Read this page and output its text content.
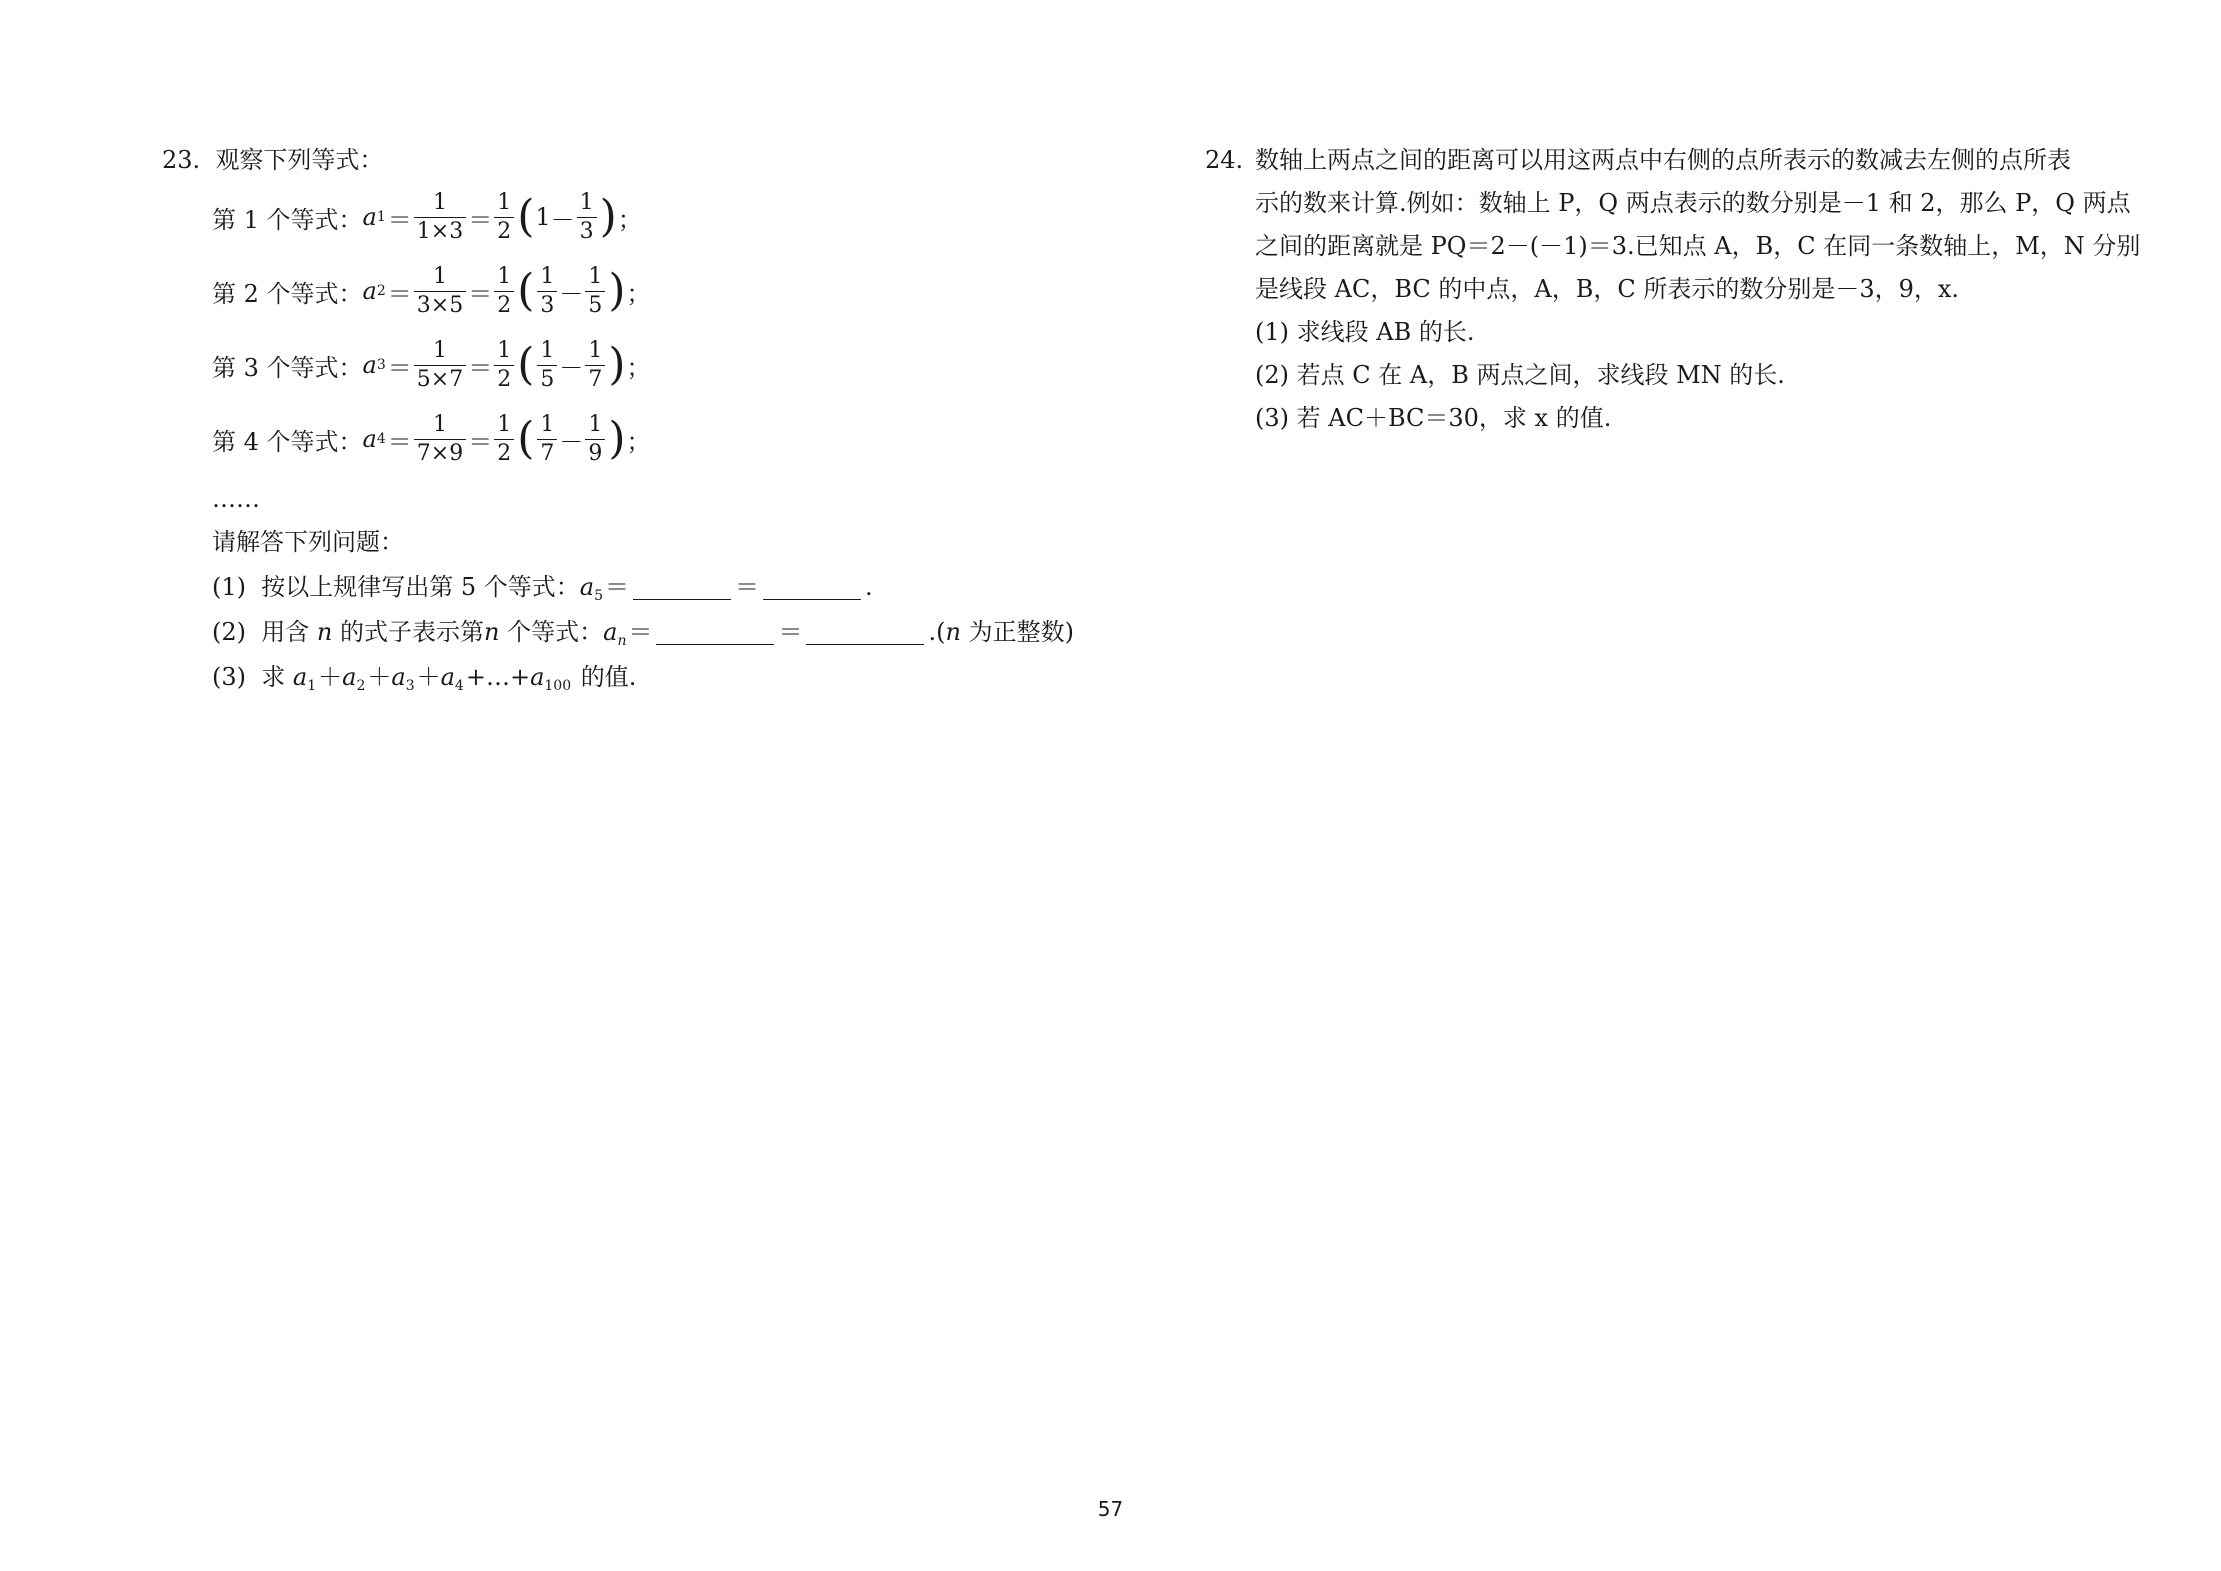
23. 观察下列等式：
第 1 个等式： a $1 = \frac{1}{1\times 3} = \frac{1}{2}$ ( $1 - \frac{1}{3}$ ) ；
第 2 个等式： a $2 = \frac{1}{3\times 5} = \frac{1}{2}$ ( $\frac{1}{3} - \frac{1}{5}$ ) ；
第 3 个等式： a $3 = \frac{1}{5\times 7} = \frac{1}{2}$ ( $\frac{1}{5} - \frac{1}{7}$ ) ；
第 4 个等式： a $4 = \frac{1}{7\times 9} = \frac{1}{2}$ ( $\frac{1}{7} - \frac{1}{9}$ ) ；
……
请解答下列问题：
(1) 按以上规律写出第 5 个等式：$a_5=$	＝	.
(2) 用含 n 的式子表示第n 个等式：$a_n=$	＝	.(n 为正整数)
(3) 求 $a_1+a_2+a_3+a_4+\dots+a_{100}$ 的值.
24. 数轴上两点之间的距离可以用这两点中右侧的点所表示的数减去左侧的点所表
示的数来计算.例如：数轴上 P，Q 两点表示的数分别是－1 和 2，那么 P，Q 两点
之间的距离就是 PQ＝2－(－1)＝3.已知点 A，B，C 在同一条数轴上，M，N 分别
是线段 AC，BC 的中点，A，B，C 所表示的数分别是－3，9，x.
(1) 求线段 AB 的长.
(2) 若点 C 在 A，B 两点之间，求线段 MN 的长.
(3) 若 AC＋BC＝30，求 x 的值.
57
